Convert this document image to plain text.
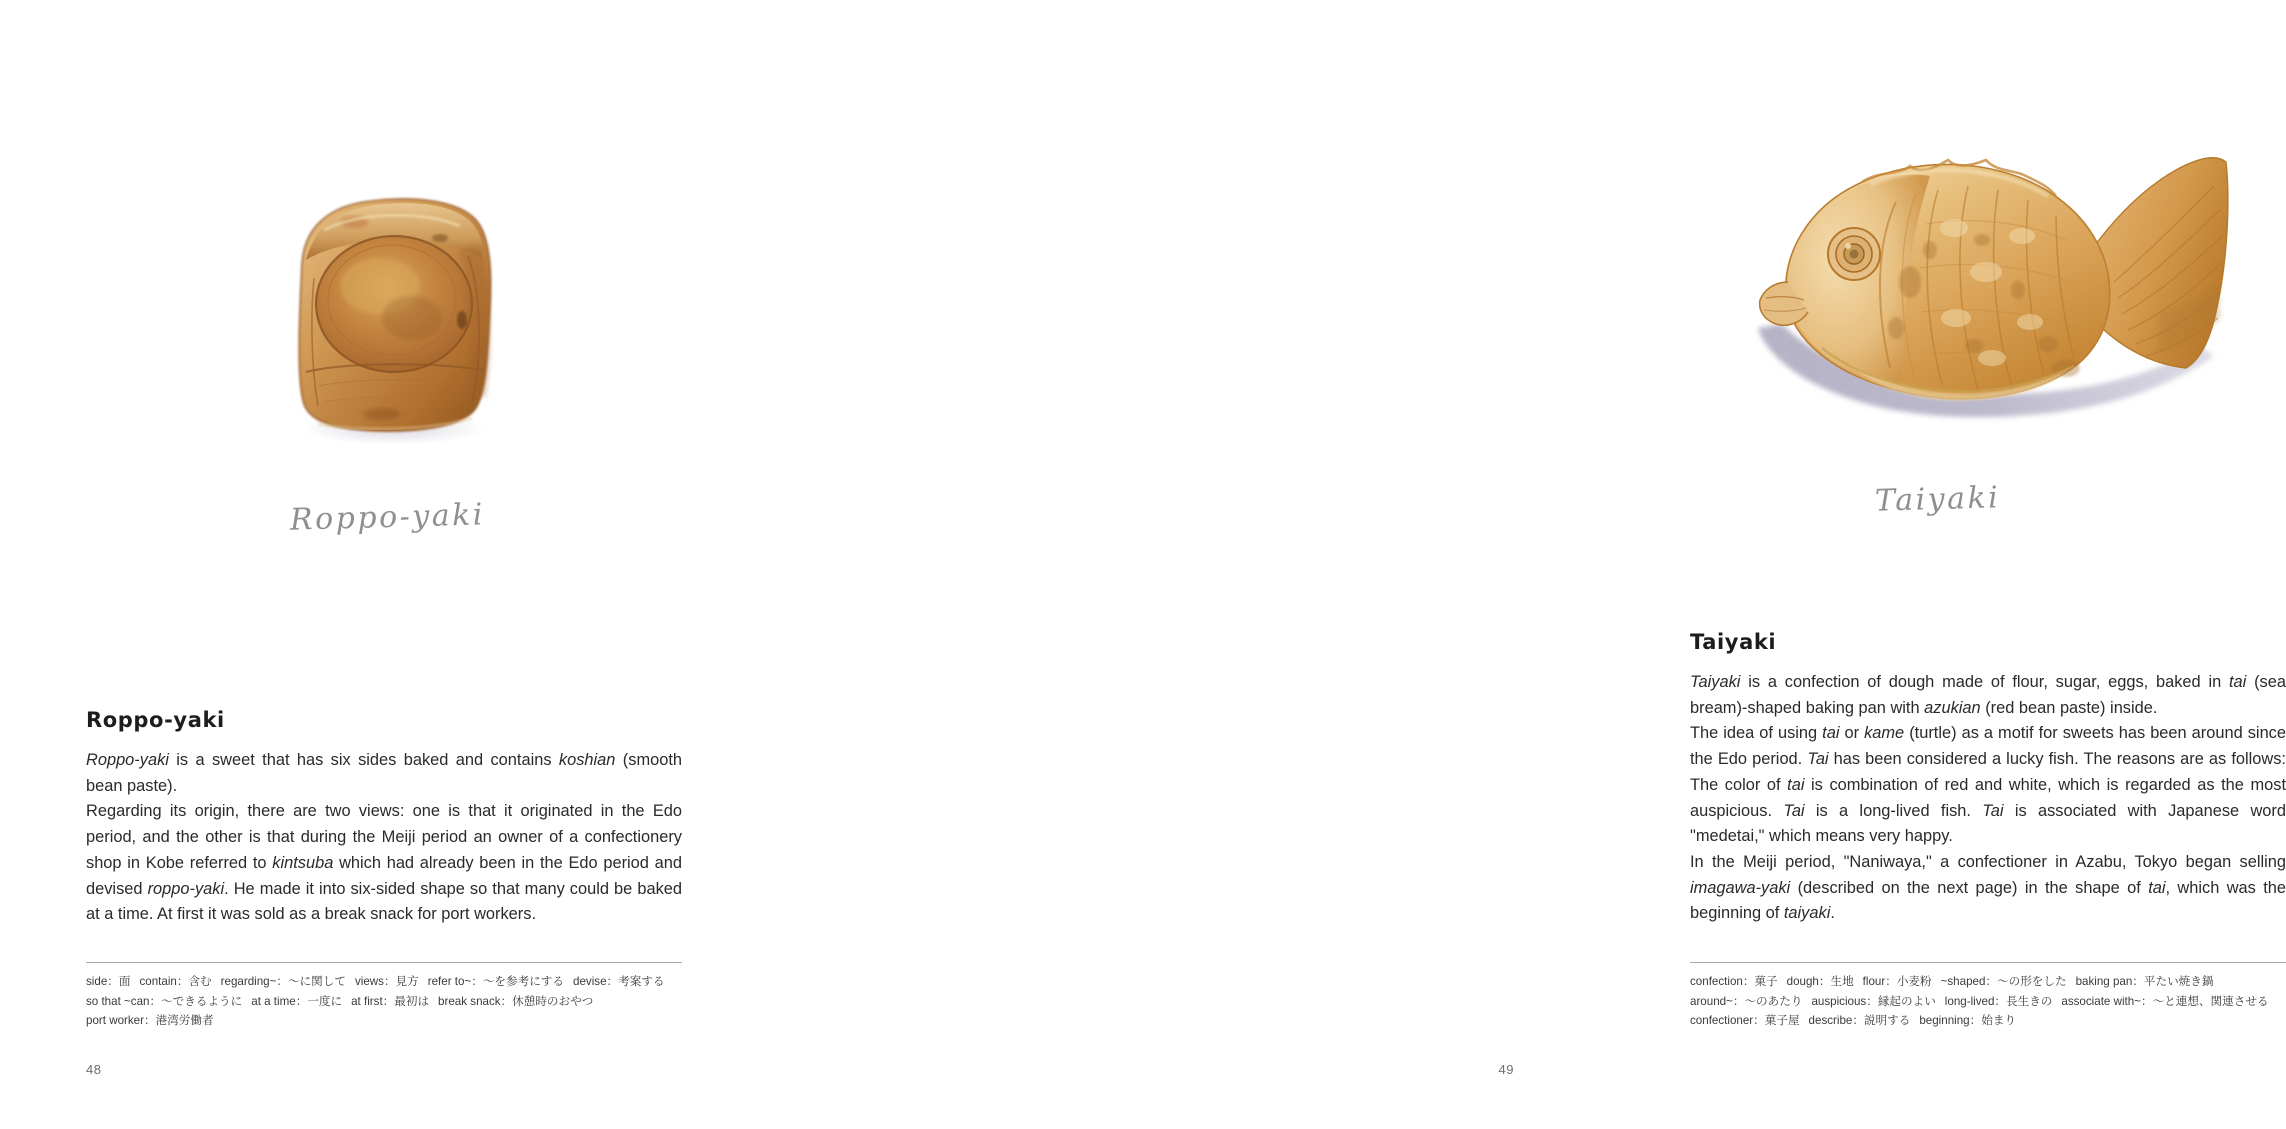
Roppo-yaki
Roppo-yaki

Roppo-yaki is a sweet that has six sides baked and contains koshian (smooth bean paste).

Regarding its origin, there are two views: one is that it originated in the Edo period, and the other is that during the Meiji period an owner of a confectionery shop in Kobe referred to kintsuba which had already been in the Edo period and devised roppo-yaki. He made it into six-sided shape so that many could be baked at a time. At first it was sold as a break snack for port workers.

side：面 contain：含む regarding~：～に関して views：見方 refer to~：～を参考にする devise：考案するso that ~can：～できるように at a time：一度に at first：最初は break snack：休憩時のおやつport worker：港湾労働者
48
Taiyaki
Taiyaki

Taiyaki is a confection of dough made of flour, sugar, eggs, baked in tai (sea bream)-shaped baking pan with azukian (red bean paste) inside.

The idea of using tai or kame (turtle) as a motif for sweets has been around since the Edo period. Tai has been considered a lucky fish. The reasons are as follows: The color of tai is combination of red and white, which is regarded as the most auspicious. Tai is a long-lived fish. Tai is associated with Japanese word "medetai," which means very happy.

In the Meiji period, "Naniwaya," a confectioner in Azabu, Tokyo began selling imagawa-yaki (described on the next page) in the shape of tai, which was the beginning of taiyaki.

confection：菓子 dough：生地 flour：小麦粉 ~shaped：～の形をした baking pan：平たい焼き鍋around~：～のあたり auspicious：縁起のよい long-lived：長生きの associate with~：～と連想、関連させるconfectioner：菓子屋 describe：説明する beginning：始まり
49
